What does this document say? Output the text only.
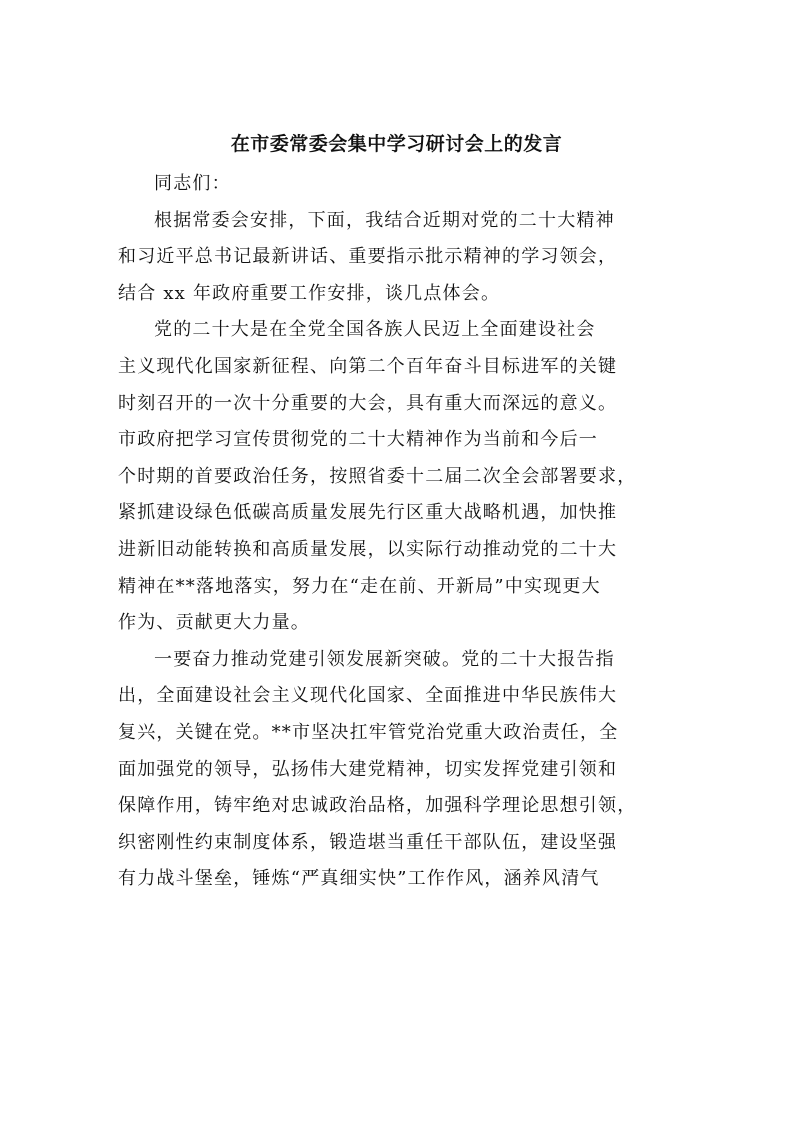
在市委常委会集中学习研讨会上的发言

同志们：

根据常委会安排，下面，我结合近期对党的二十大精神
和习近平总书记最新讲话、重要指示批示精神的学习领会，
结合 xx 年政府重要工作安排，谈几点体会。

党的二十大是在全党全国各族人民迈上全面建设社会
主义现代化国家新征程、向第二个百年奋斗目标进军的关键
时刻召开的一次十分重要的大会，具有重大而深远的意义。
市政府把学习宣传贯彻党的二十大精神作为当前和今后一
个时期的首要政治任务，按照省委十二届二次全会部署要求，
紧抓建设绿色低碳高质量发展先行区重大战略机遇，加快推
进新旧动能转换和高质量发展，以实际行动推动党的二十大
精神在**落地落实，努力在“走在前、开新局”中实现更大
作为、贡献更大力量。

一要奋力推动党建引领发展新突破。党的二十大报告指
出，全面建设社会主义现代化国家、全面推进中华民族伟大
复兴，关键在党。**市坚决扛牢管党治党重大政治责任，全
面加强党的领导，弘扬伟大建党精神，切实发挥党建引领和
保障作用，铸牢绝对忠诚政治品格，加强科学理论思想引领，
织密刚性约束制度体系，锻造堪当重任干部队伍，建设坚强
有力战斗堡垒，锤炼“严真细实快”工作作风，涵养风清气
